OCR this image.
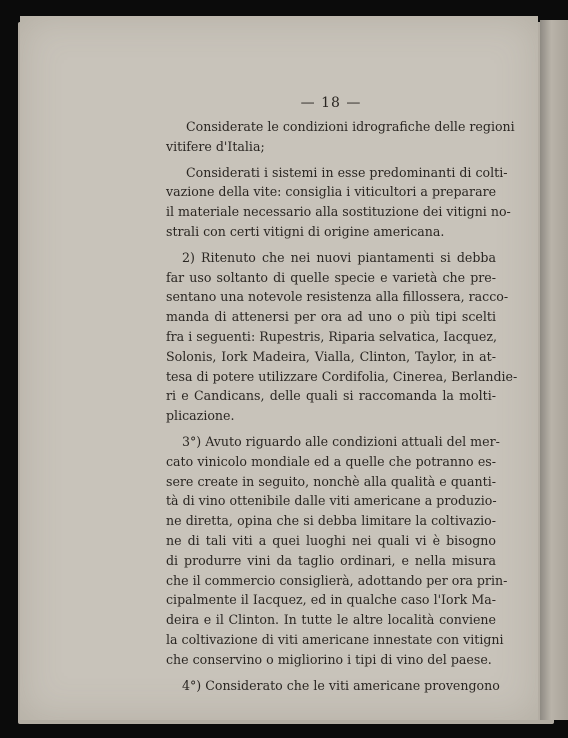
— 18 —
Considerate le condizioni idrografiche delle regioni
vitifere d'Italia;
Considerati i sistemi in esse predominanti di colti-
vazione della vite: consiglia i viticultori a preparare
il materiale necessario alla sostituzione dei vitigni no-
strali con certi vitigni di origine americana.
2) Ritenuto che nei nuovi piantamenti si debba
far uso soltanto di quelle specie e varietà che pre-
sentano una notevole resistenza alla fillossera, racco-
manda di attenersi per ora ad uno o più tipi scelti
fra i seguenti: Rupestris, Riparia selvatica, Iacquez,
Solonis, Iork Madeira, Vialla, Clinton, Taylor, in at-
tesa di potere utilizzare Cordifolia, Cinerea, Berlandie-
ri e Candicans, delle quali si raccomanda la molti-
plicazione.
3°) Avuto riguardo alle condizioni attuali del mer-
cato vinicolo mondiale ed a quelle che potranno es-
sere create in seguito, nonchè alla qualità e quanti-
tà di vino ottenibile dalle viti americane a produzio-
ne diretta, opina che si debba limitare la coltivazio-
ne di tali viti a quei luoghi nei quali vi è bisogno
di produrre vini da taglio ordinari, e nella misura
che il commercio consiglierà, adottando per ora prin-
cipalmente il Iacquez, ed in qualche caso l'Iork Ma-
deira e il Clinton. In tutte le altre località conviene
la coltivazione di viti americane innestate con vitigni
che conservino o migliorino i tipi di vino del paese.
4°) Considerato che le viti americane provengono
